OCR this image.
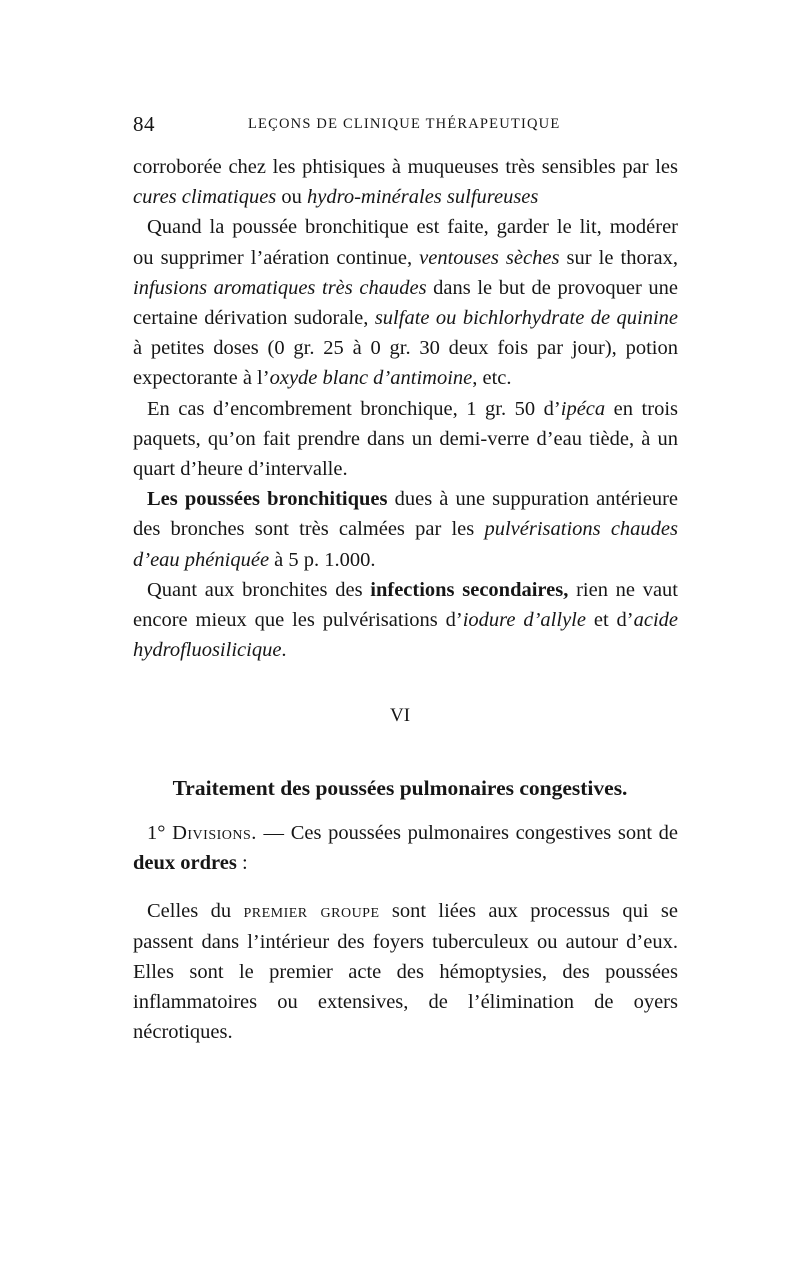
84	LEÇONS DE CLINIQUE THÉRAPEUTIQUE

corroborée chez les phtisiques à muqueuses très sensibles par les cures climatiques ou hydro-minérales sulfureuses

Quand la poussée bronchitique est faite, garder le lit, modérer ou supprimer l’aération continue, ventouses sèches sur le thorax, infusions aromatiques très chaudes dans le but de provoquer une certaine dérivation sudorale, sulfate ou bichlorhydrate de quinine à petites doses (0 gr. 25 à 0 gr. 30 deux fois par jour), potion expectorante à l’oxyde blanc d’antimoine, etc.

En cas d’encombrement bronchique, 1 gr. 50 d’ipéca en trois paquets, qu’on fait prendre dans un demi-verre d’eau tiède, à un quart d’heure d’intervalle.

Les poussées bronchitiques dues à une suppuration antérieure des bronches sont très calmées par les pulvérisations chaudes d’eau phéniquée à 5 p. 1.000.

Quant aux bronchites des infections secondaires, rien ne vaut encore mieux que les pulvérisations d’iodure d’allyle et d’acide hydrofluosilicique.

VI
Traitement des poussées pulmonaires congestives.

1° Divisions. — Ces poussées pulmonaires congestives sont de deux ordres :

Celles du premier groupe sont liées aux processus qui se passent dans l’intérieur des foyers tuberculeux ou autour d’eux. Elles sont le premier acte des hémoptysies, des poussées inflammatoires ou extensives, de l’élimination de oyers nécrotiques.
